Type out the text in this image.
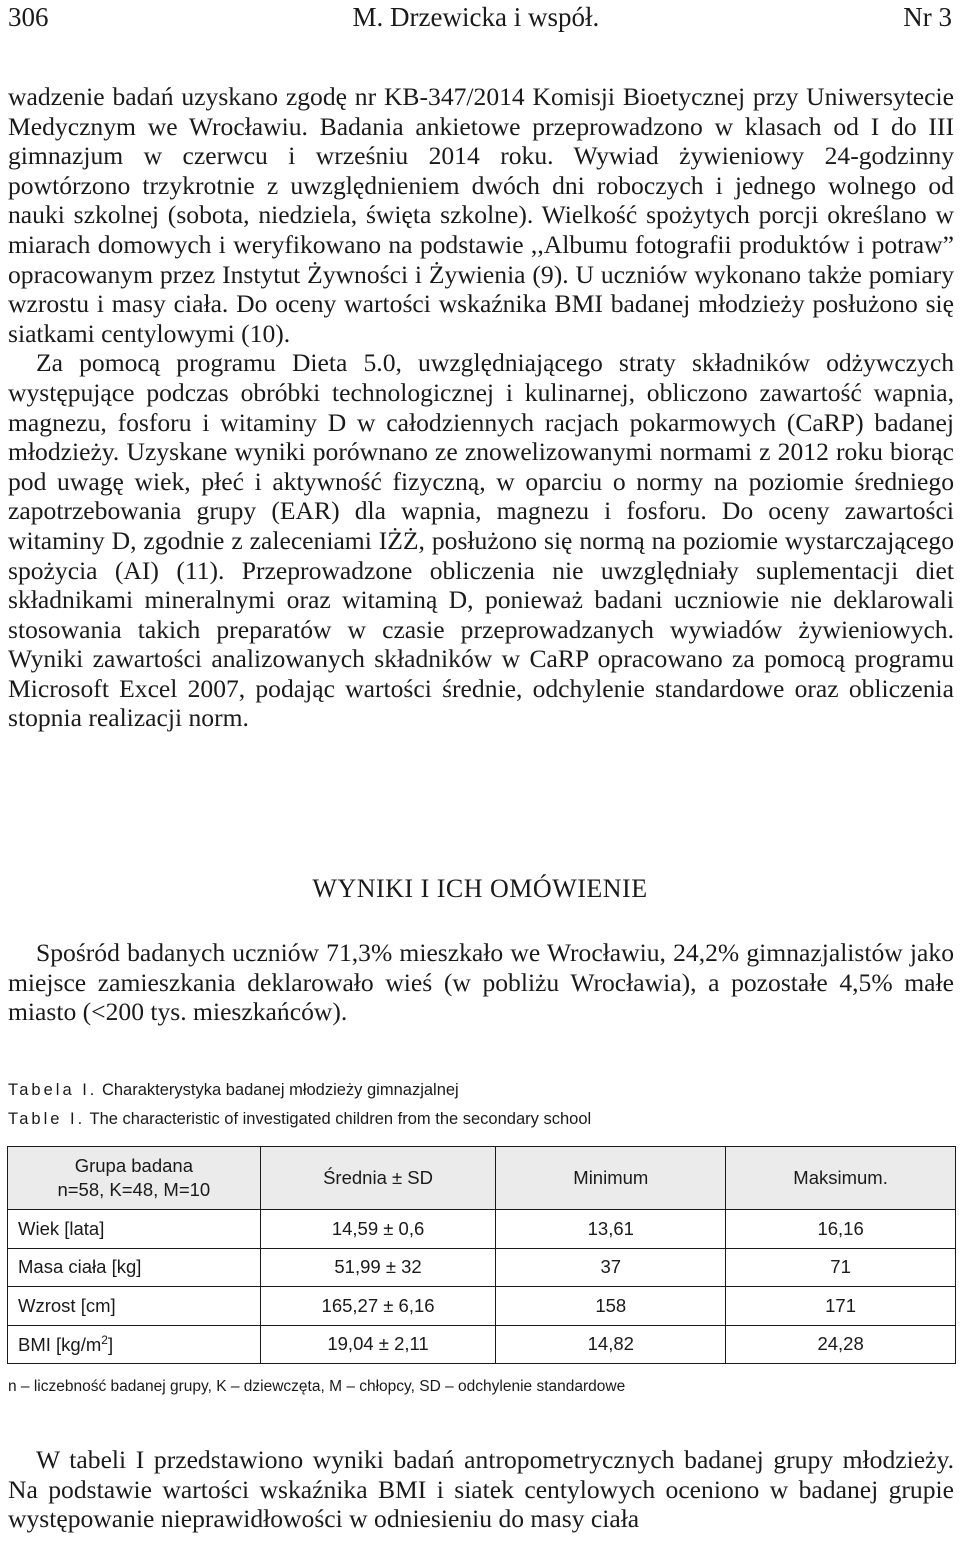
306	M. Drzewicka i współ.	Nr 3

wadzenie badań uzyskano zgodę nr KB-347/2014 Komisji Bioetycznej przy Uniwersytecie Medycznym we Wrocławiu. Badania ankietowe przeprowadzono w klasach od I do III gimnazjum w czerwcu i wrześniu 2014 roku. Wywiad żywieniowy 24-godzinny powtórzono trzykrotnie z uwzględnieniem dwóch dni roboczych i jednego wolnego od nauki szkolnej (sobota, niedziela, święta szkolne). Wielkość spożytych porcji określano w miarach domowych i weryfikowano na podstawie ,,Albumu fotografii produktów i potraw” opracowanym przez Instytut Żywności i Żywienia (9). U uczniów wykonano także pomiary wzrostu i masy ciała. Do oceny wartości wskaźnika BMI badanej młodzieży posłużono się siatkami centylowymi (10).

Za pomocą programu Dieta 5.0, uwzględniającego straty składników odżywczych występujące podczas obróbki technologicznej i kulinarnej, obliczono zawartość wapnia, magnezu, fosforu i witaminy D w całodziennych racjach pokarmowych (CaRP) badanej młodzieży. Uzyskane wyniki porównano ze znowelizowanymi normami z 2012 roku biorąc pod uwagę wiek, płeć i aktywność fizyczną, w oparciu o normy na poziomie średniego zapotrzebowania grupy (EAR) dla wapnia, magnezu i fosforu. Do oceny zawartości witaminy D, zgodnie z zaleceniami IŻŻ, posłużono się normą na poziomie wystarczającego spożycia (AI) (11). Przeprowadzone obliczenia nie uwzględniały suplementacji diet składnikami mineralnymi oraz witaminą D, ponieważ badani uczniowie nie deklarowali stosowania takich preparatów w czasie przeprowadzanych wywiadów żywieniowych. Wyniki zawartości analizowanych składników w CaRP opracowano za pomocą programu Microsoft Excel 2007, podając wartości średnie, odchylenie standardowe oraz obliczenia stopnia realizacji norm.

WYNIKI I ICH OMÓWIENIE

Spośród badanych uczniów 71,3% mieszkało we Wrocławiu, 24,2% gimnazjalistów jako miejsce zamieszkania deklarowało wieś (w pobliżu Wrocławia), a pozostałe 4,5% małe miasto (<200 tys. mieszkańców).

Tabela I. Charakterystyka badanej młodzieży gimnazjalnej
Table I. The characteristic of investigated children from the secondary school
Grupa badana
n=58, K=48, M=10	Średnia ± SD	Minimum	Maksimum.
Wiek [lata]	14,59 ± 0,6	13,61	16,16
Masa ciała [kg]	51,99 ± 32	37	71
Wzrost [cm]	165,27 ± 6,16	158	171
BMI $[kg/m^2]$	19,04 ± 2,11	14,82	24,28
n – liczebność badanej grupy, K – dziewczęta, M – chłopcy, SD – odchylenie standardowe

W tabeli I przedstawiono wyniki badań antropometrycznych badanej grupy młodzieży. Na podstawie wartości wskaźnika BMI i siatek centylowych oceniono w badanej grupie występowanie nieprawidłowości w odniesieniu do masy ciała
